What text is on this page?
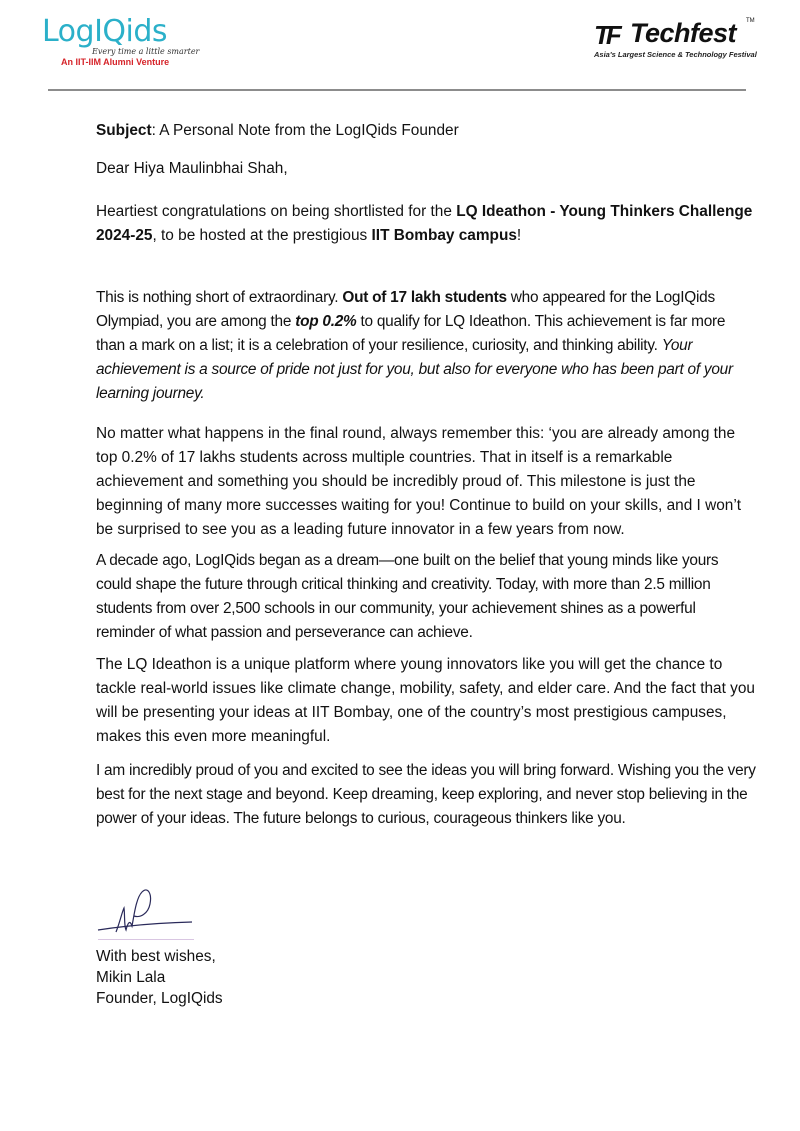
LogIQids
Every time a little smarter
An IIT-IIM Alumni Venture
TF Techfest TM
Asia's Largest Science & Technology Festival

Subject: A Personal Note from the LogIQids Founder

Dear Hiya Maulinbhai Shah,

Heartiest congratulations on being shortlisted for the LQ Ideathon - Young Thinkers Challenge 2024-25, to be hosted at the prestigious IIT Bombay campus!

This is nothing short of extraordinary. Out of 17 lakh students who appeared for the LogIQids Olympiad, you are among the top 0.2% to qualify for LQ Ideathon. This achievement is far more than a mark on a list; it is a celebration of your resilience, curiosity, and thinking ability. Your achievement is a source of pride not just for you, but also for everyone who has been part of your learning journey.

No matter what happens in the final round, always remember this: ‘you are already among the top 0.2% of 17 lakhs students across multiple countries. That in itself is a remarkable achievement and something you should be incredibly proud of. This milestone is just the beginning of many more successes waiting for you! Continue to build on your skills, and I won’t be surprised to see you as a leading future innovator in a few years from now.

A decade ago, LogIQids began as a dream—one built on the belief that young minds like yours could shape the future through critical thinking and creativity. Today, with more than 2.5 million students from over 2,500 schools in our community, your achievement shines as a powerful reminder of what passion and perseverance can achieve.

The LQ Ideathon is a unique platform where young innovators like you will get the chance to tackle real-world issues like climate change, mobility, safety, and elder care. And the fact that you will be presenting your ideas at IIT Bombay, one of the country’s most prestigious campuses, makes this even more meaningful.

I am incredibly proud of you and excited to see the ideas you will bring forward. Wishing you the very best for the next stage and beyond. Keep dreaming, keep exploring, and never stop believing in the power of your ideas. The future belongs to curious, courageous thinkers like you.

With best wishes,
Mikin Lala
Founder, LogIQids
